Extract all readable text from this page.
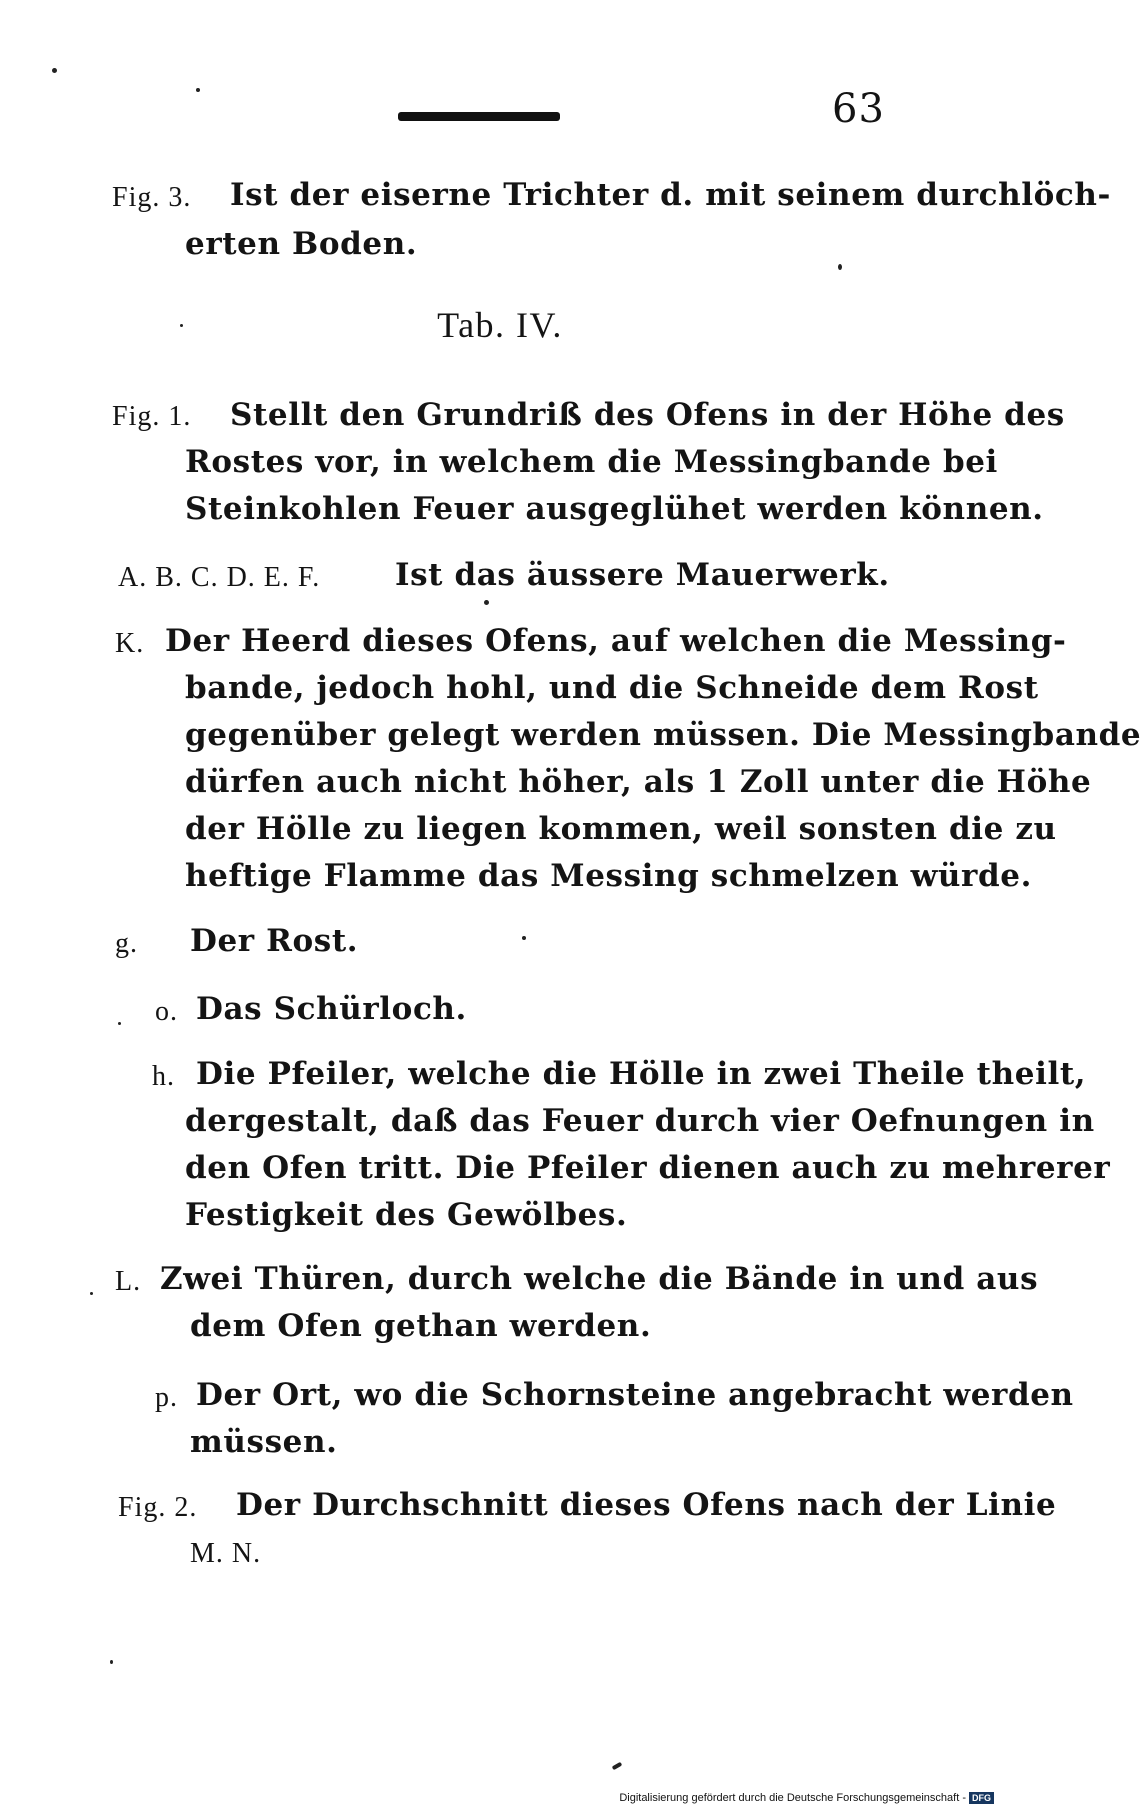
63
Fig. 3. Ist der eiserne Trichter d. mit seinem durchlöch-
erten Boden.
Tab. IV.
Fig. 1. Stellt den Grundriß des Ofens in der Höhe des
Rostes vor, in welchem die Messingbande bei
Steinkohlen Feuer ausgeglühet werden können.
A. B. C. D. E. F. Ist das äussere Mauerwerk.
K. Der Heerd dieses Ofens, auf welchen die Messing-
bande, jedoch hohl, und die Schneide dem Rost
gegenüber gelegt werden müssen. Die Messingbande
dürfen auch nicht höher, als 1 Zoll unter die Höhe
der Hölle zu liegen kommen, weil sonsten die zu
heftige Flamme das Messing schmelzen würde.
g. Der Rost.
o. Das Schürloch.
h. Die Pfeiler, welche die Hölle in zwei Theile theilt,
dergestalt, daß das Feuer durch vier Oefnungen in
den Ofen tritt. Die Pfeiler dienen auch zu mehrerer
Festigkeit des Gewölbes.
L. Zwei Thüren, durch welche die Bände in und aus
dem Ofen gethan werden.
p. Der Ort, wo die Schornsteine angebracht werden
müssen.
Fig. 2. Der Durchschnitt dieses Ofens nach der Linie
M. N.
Digitalisierung gefördert durch die Deutsche Forschungsgemeinschaft - DFG
